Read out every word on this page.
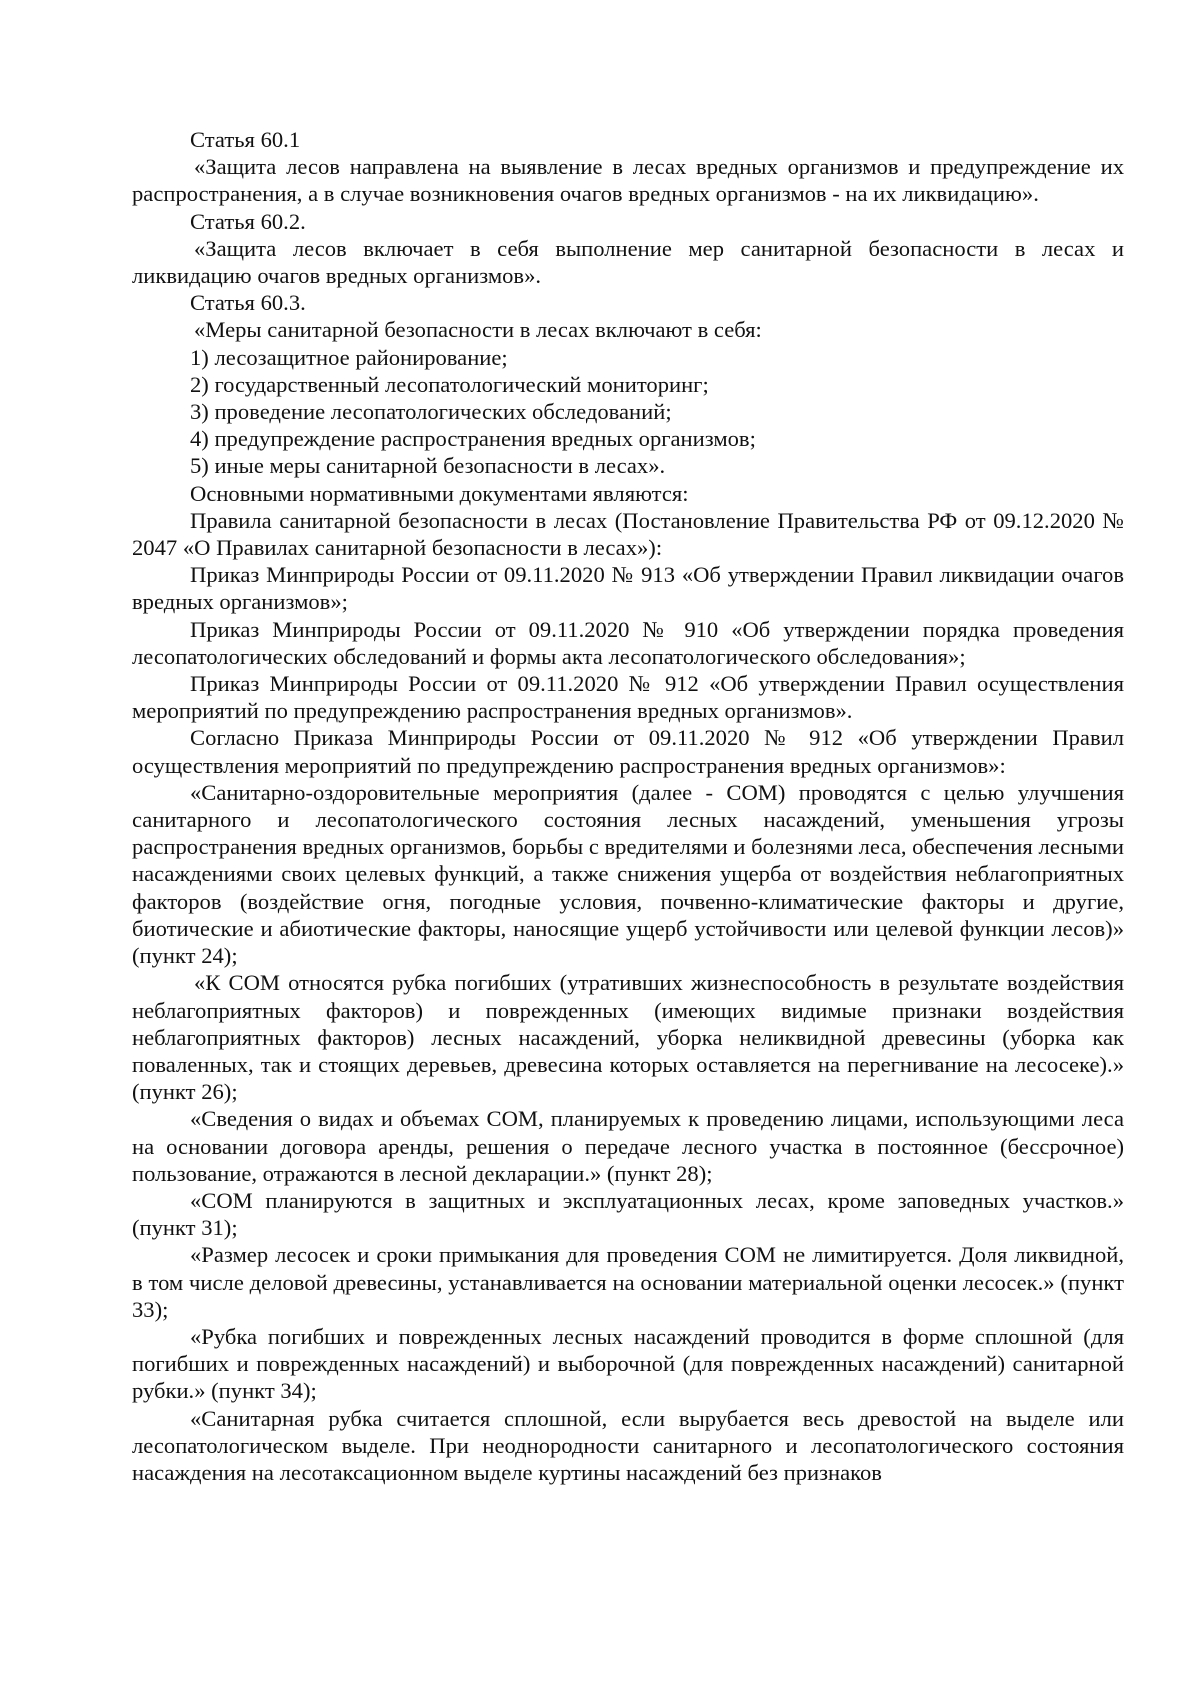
Статья 60.1

«Защита лесов направлена на выявление в лесах вредных организмов и предупреждение их распространения, а в случае возникновения очагов вредных организмов - на их ликвидацию».

Статья 60.2.

«Защита лесов включает в себя выполнение мер санитарной безопасности в лесах и ликвидацию очагов вредных организмов».

Статья 60.3.

«Меры санитарной безопасности в лесах включают в себя:

1) лесозащитное районирование;

2) государственный лесопатологический мониторинг;

3) проведение лесопатологических обследований;

4) предупреждение распространения вредных организмов;

5) иные меры санитарной безопасности в лесах».

Основными нормативными документами являются:

Правила санитарной безопасности в лесах (Постановление Правительства РФ от 09.12.2020 № 2047 «О Правилах санитарной безопасности в лесах»):

Приказ Минприроды России от 09.11.2020 № 913 «Об утверждении Правил ликвидации очагов вредных организмов»;

Приказ Минприроды России от 09.11.2020 № 910 «Об утверждении порядка проведения лесопатологических обследований и формы акта лесопатологического обследования»;

Приказ Минприроды России от 09.11.2020 № 912 «Об утверждении Правил осуществления мероприятий по предупреждению распространения вредных организмов».

Согласно Приказа Минприроды России от 09.11.2020 № 912 «Об утверждении Правил осуществления мероприятий по предупреждению распространения вредных организмов»:

«Санитарно-оздоровительные мероприятия (далее - СОМ) проводятся с целью улучшения санитарного и лесопатологического состояния лесных насаждений, уменьшения угрозы распространения вредных организмов, борьбы с вредителями и болезнями леса, обеспечения лесными насаждениями своих целевых функций, а также снижения ущерба от воздействия неблагоприятных факторов (воздействие огня, погодные условия, почвенно-климатические факторы и другие, биотические и абиотические факторы, наносящие ущерб устойчивости или целевой функции лесов)» (пункт 24);

«К СОМ относятся рубка погибших (утративших жизнеспособность в результате воздействия неблагоприятных факторов) и поврежденных (имеющих видимые признаки воздействия неблагоприятных факторов) лесных насаждений, уборка неликвидной древесины (уборка как поваленных, так и стоящих деревьев, древесина которых оставляется на перегнивание на лесосеке).» (пункт 26);

«Сведения о видах и объемах СОМ, планируемых к проведению лицами, использующими леса на основании договора аренды, решения о передаче лесного участка в постоянное (бессрочное) пользование, отражаются в лесной декларации.» (пункт 28);

«СОМ планируются в защитных и эксплуатационных лесах, кроме заповедных участков.» (пункт 31);

«Размер лесосек и сроки примыкания для проведения СОМ не лимитируется. Доля ликвидной, в том числе деловой древесины, устанавливается на основании материальной оценки лесосек.» (пункт 33);

«Рубка погибших и поврежденных лесных насаждений проводится в форме сплошной (для погибших и поврежденных насаждений) и выборочной (для поврежденных насаждений) санитарной рубки.» (пункт 34);

«Санитарная рубка считается сплошной, если вырубается весь древостой на выделе или лесопатологическом выделе. При неоднородности санитарного и лесопатологического состояния насаждения на лесотаксационном выделе куртины насаждений без признаков
